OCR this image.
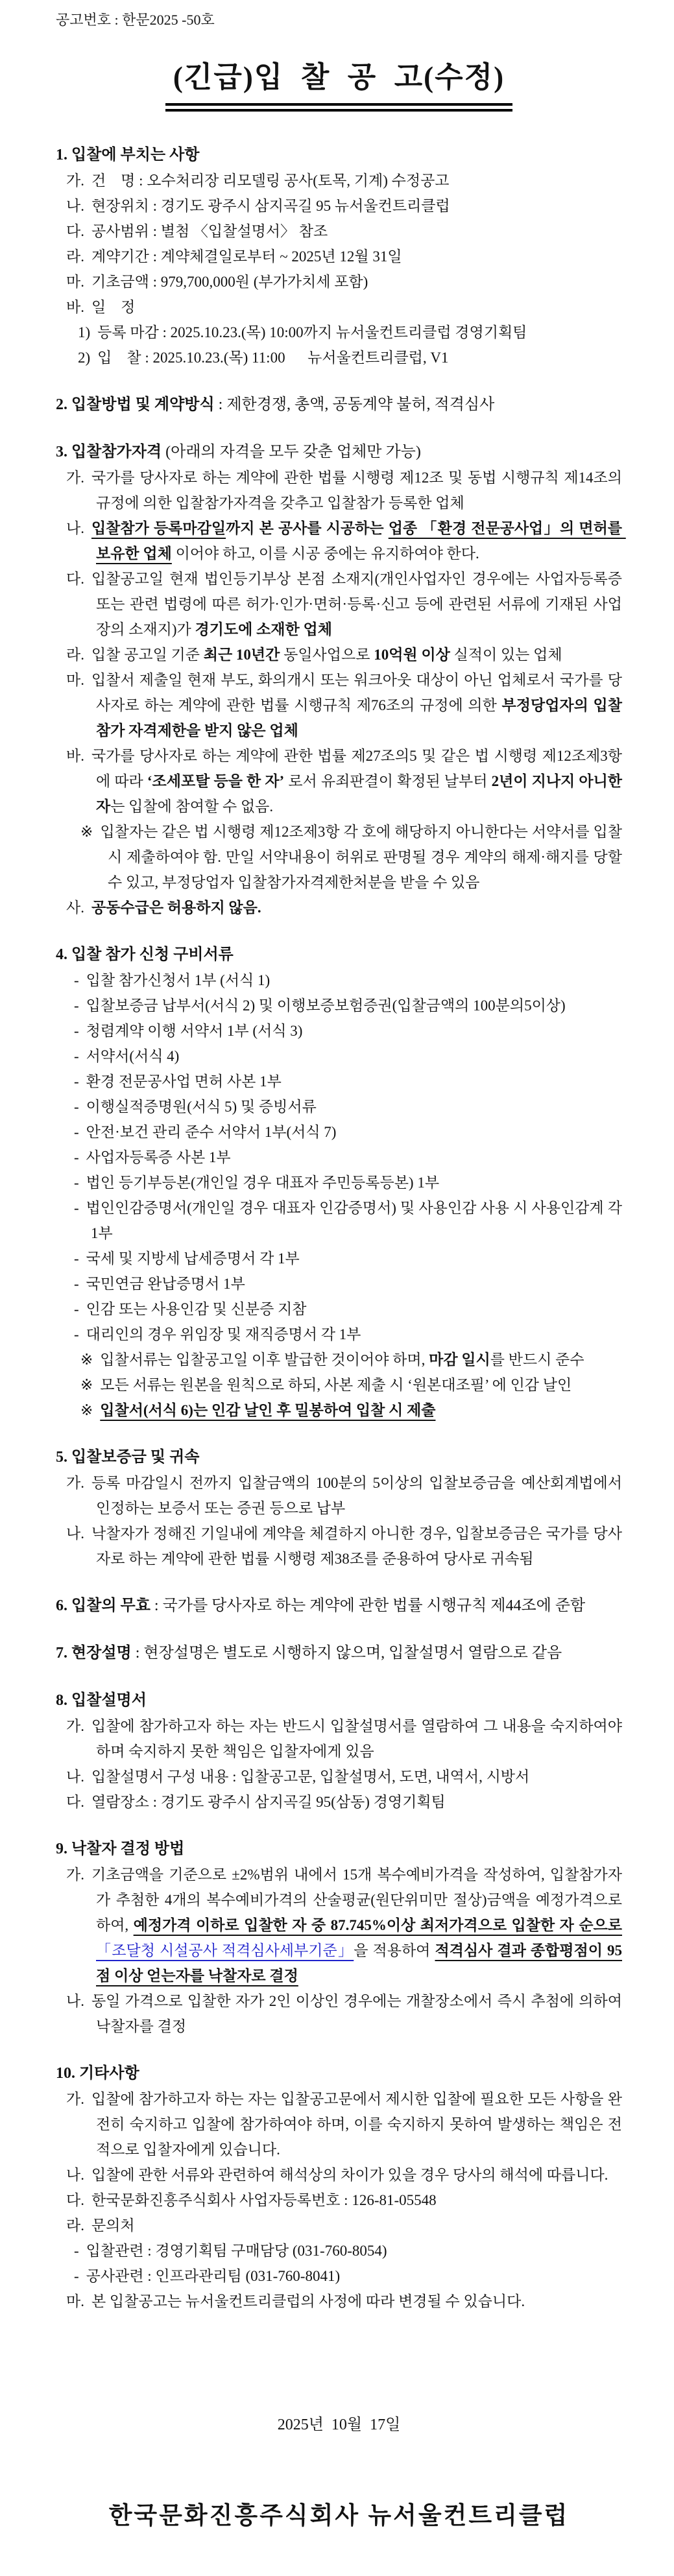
공고번호 : 한문2025 -50호
(긴급)입  찰  공  고(수정)
1. 입찰에 부치는 사항
가. 건    명 : 오수처리장 리모델링 공사(토목, 기계) 수정공고
나. 현장위치 : 경기도 광주시 삼지곡길 95 뉴서울컨트리클럽
다. 공사범위 : 별첨 〈입찰설명서〉 참조
라. 계약기간 : 계약체결일로부터 ~ 2025년 12월 31일
마. 기초금액 : 979,700,000원 (부가가치세 포함)
바. 일    정
1) 등록 마감 : 2025.10.23.(목) 10:00까지 뉴서울컨트리클럽 경영기획팀
2) 입    찰 : 2025.10.23.(목) 11:00      뉴서울컨트리클럽, V1
2. 입찰방법 및 계약방식 : 제한경쟁, 총액, 공동계약 불허, 적격심사
3. 입찰참가자격 (아래의 자격을 모두 갖춘 업체만 가능)
가. 국가를 당사자로 하는 계약에 관한 법률 시행령 제12조 및 동법 시행규칙 제14조의 규정에 의한 입찰참가자격을 갖추고 입찰참가 등록한 업체
나. 입찰참가 등록마감일까지 본 공사를 시공하는 업종 「환경 전문공사업」의 면허를 보유한 업체 이어야 하고, 이를 시공 중에는 유지하여야 한다.
다. 입찰공고일 현재 법인등기부상 본점 소재지(개인사업자인 경우에는 사업자등록증 또는 관련 법령에 따른 허가·인가·면허·등록·신고 등에 관련된 서류에 기재된 사업장의 소재지)가 경기도에 소재한 업체
라. 입찰 공고일 기준 최근 10년간 동일사업으로 10억원 이상 실적이 있는 업체
마. 입찰서 제출일 현재 부도, 화의개시 또는 워크아웃 대상이 아닌 업체로서 국가를 당사자로 하는 계약에 관한 법률 시행규칙 제76조의 규정에 의한 부정당업자의 입찰 참가 자격제한을 받지 않은 업체
바. 국가를 당사자로 하는 계약에 관한 법률 제27조의5 및 같은 법 시행령 제12조제3항에 따라 ‘조세포탈 등을 한 자’ 로서 유죄판결이 확정된 날부터 2년이 지나지 아니한 자는 입찰에 참여할 수 없음.
※ 입찰자는 같은 법 시행령 제12조제3항 각 호에 해당하지 아니한다는 서약서를 입찰시 제출하여야 함. 만일 서약내용이 허위로 판명될 경우 계약의 해제·해지를 당할 수 있고, 부정당업자 입찰참가자격제한처분을 받을 수 있음
사. 공동수급은 허용하지 않음.
4. 입찰 참가 신청 구비서류
- 입찰 참가신청서 1부 (서식 1)
- 입찰보증금 납부서(서식 2) 및 이행보증보험증권(입찰금액의 100분의5이상)
- 청렴계약 이행 서약서 1부 (서식 3)
- 서약서(서식 4)
- 환경 전문공사업 면허 사본 1부
- 이행실적증명원(서식 5) 및 증빙서류
- 안전·보건 관리 준수 서약서 1부(서식 7)
- 사업자등록증 사본 1부
- 법인 등기부등본(개인일 경우 대표자 주민등록등본) 1부
- 법인인감증명서(개인일 경우 대표자 인감증명서) 및 사용인감 사용 시 사용인감계 각 1부
- 국세 및 지방세 납세증명서 각 1부
- 국민연금 완납증명서 1부
- 인감 또는 사용인감 및 신분증 지참
- 대리인의 경우 위임장 및 재직증명서 각 1부
※ 입찰서류는 입찰공고일 이후 발급한 것이어야 하며, 마감 일시를 반드시 준수
※ 모든 서류는 원본을 원칙으로 하되, 사본 제출 시 ‘원본대조필’ 에 인감 날인
※ 입찰서(서식 6)는 인감 날인 후 밀봉하여 입찰 시 제출
5. 입찰보증금 및 귀속
가. 등록 마감일시 전까지 입찰금액의 100분의 5이상의 입찰보증금을 예산회계법에서 인정하는 보증서 또는 증권 등으로 납부
나. 낙찰자가 정해진 기일내에 계약을 체결하지 아니한 경우, 입찰보증금은 국가를 당사자로 하는 계약에 관한 법률 시행령 제38조를 준용하여 당사로 귀속됨
6. 입찰의 무효 : 국가를 당사자로 하는 계약에 관한 법률 시행규칙 제44조에 준함
7. 현장설명 : 현장설명은 별도로 시행하지 않으며, 입찰설명서 열람으로 같음
8. 입찰설명서
가. 입찰에 참가하고자 하는 자는 반드시 입찰설명서를 열람하여 그 내용을 숙지하여야 하며 숙지하지 못한 책임은 입찰자에게 있음
나. 입찰설명서 구성 내용 : 입찰공고문, 입찰설명서, 도면, 내역서, 시방서
다. 열람장소 : 경기도 광주시 삼지곡길 95(삼동) 경영기획팀
9. 낙찰자 결정 방법
가. 기초금액을 기준으로 ±2%범위 내에서 15개 복수예비가격을 작성하여, 입찰참가자가 추첨한 4개의 복수예비가격의 산술평균(원단위미만 절상)금액을 예정가격으로 하여, 예정가격 이하로 입찰한 자 중 87.745%이상 최저가격으로 입찰한 자 순으로 「조달청 시설공사 적격심사세부기준」을 적용하여 적격심사 결과 종합평점이 95점 이상 얻는자를 낙찰자로 결정
나. 동일 가격으로 입찰한 자가 2인 이상인 경우에는 개찰장소에서 즉시 추첨에 의하여 낙찰자를 결정
10. 기타사항
가. 입찰에 참가하고자 하는 자는 입찰공고문에서 제시한 입찰에 필요한 모든 사항을 완전히 숙지하고 입찰에 참가하여야 하며, 이를 숙지하지 못하여 발생하는 책임은 전적으로 입찰자에게 있습니다.
나. 입찰에 관한 서류와 관련하여 해석상의 차이가 있을 경우 당사의 해석에 따릅니다.
다. 한국문화진흥주식회사 사업자등록번호 : 126-81-05548
라. 문의처
- 입찰관련 : 경영기획팀 구매담당 (031-760-8054)
- 공사관련 : 인프라관리팀 (031-760-8041)
마. 본 입찰공고는 뉴서울컨트리클럽의 사정에 따라 변경될 수 있습니다.
2025년  10월  17일
한국문화진흥주식회사 뉴서울컨트리클럽
